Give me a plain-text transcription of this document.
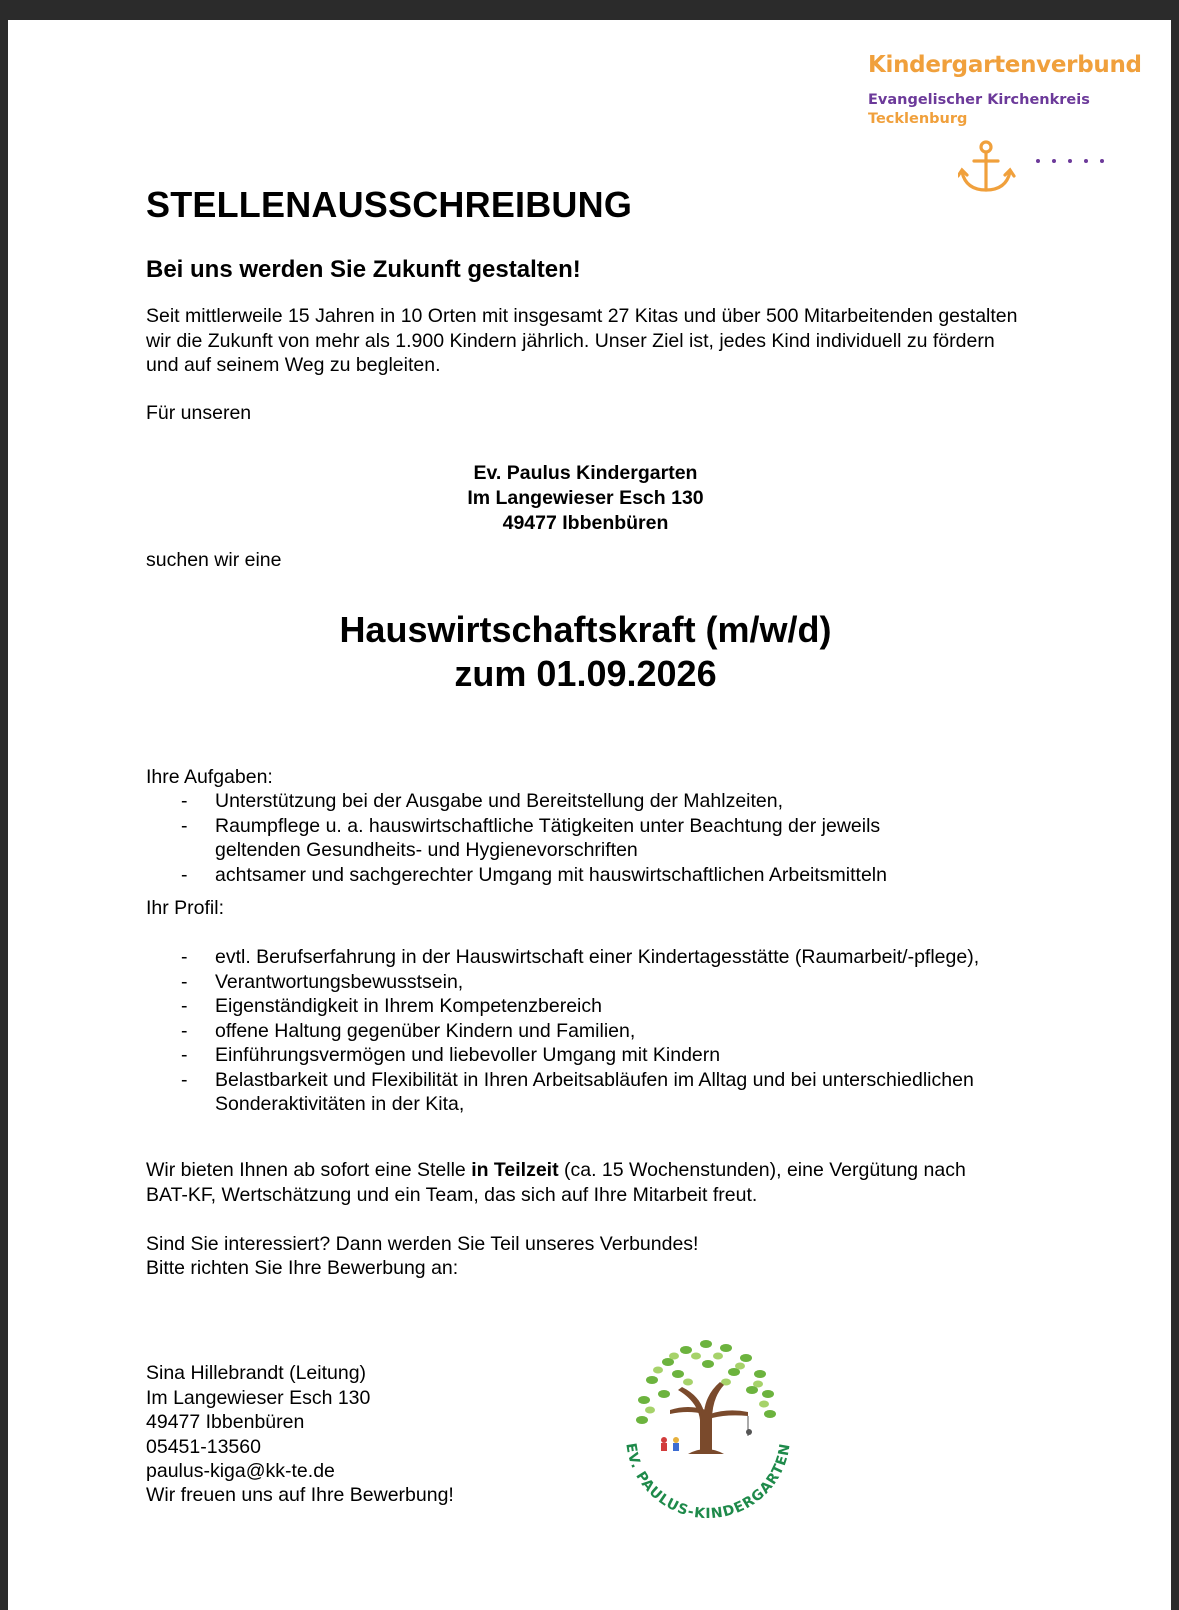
Kindergartenverbund
Evangelischer Kirchenkreis
Tecklenburg
STELLENAUSSCHREIBUNG
Bei uns werden Sie Zukunft gestalten!

Seit mittlerweile 15 Jahren in 10 Orten mit insgesamt 27 Kitas und über 500 Mitarbeitenden gestalten wir die Zukunft von mehr als 1.900 Kindern jährlich. Unser Ziel ist, jedes Kind individuell zu fördern und auf seinem Weg zu begleiten.

Für unseren

Ev. Paulus Kindergarten
Im Langewieser Esch 130
49477 Ibbenbüren

suchen wir eine

Hauswirtschaftskraft (m/w/d)
zum 01.09.2026

Ihre Aufgaben:

- Unterstützung bei der Ausgabe und Bereitstellung der Mahlzeiten,
- Raumpflege u. a. hauswirtschaftliche Tätigkeiten unter Beachtung der jeweils geltenden Gesundheits- und Hygienevorschriften
- achtsamer und sachgerechter Umgang mit hauswirtschaftlichen Arbeitsmitteln

Ihr Profil:

- evtl. Berufserfahrung in der Hauswirtschaft einer Kindertagesstätte (Raumarbeit/-pflege),
- Verantwortungsbewusstsein,
- Eigenständigkeit in Ihrem Kompetenzbereich
- offene Haltung gegenüber Kindern und Familien,
- Einführungsvermögen und liebevoller Umgang mit Kindern
- Belastbarkeit und Flexibilität in Ihren Arbeitsabläufen im Alltag und bei unterschiedlichen Sonderaktivitäten in der Kita,

Wir bieten Ihnen ab sofort eine Stelle in Teilzeit (ca. 15 Wochenstunden), eine Vergütung nach BAT-KF, Wertschätzung und ein Team, das sich auf Ihre Mitarbeit freut.

Sind Sie interessiert? Dann werden Sie Teil unseres Verbundes!

Bitte richten Sie Ihre Bewerbung an:

Sina Hillebrandt (Leitung)
Im Langewieser Esch 130
49477 Ibbenbüren
05451-13560
paulus-kiga@kk-te.de

Wir freuen uns auf Ihre Bewerbung!

EV. PAULUS-KINDERGARTEN
